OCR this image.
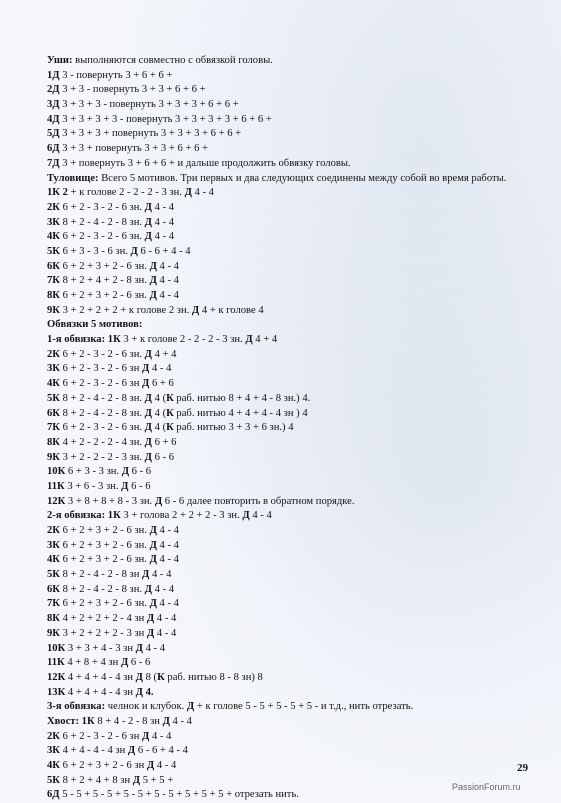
Уши: выполняются совместно с обвязкой головы.
1Д 3 - повернуть 3 + 6 + 6 +
2Д 3 + 3 - повернуть 3 + 3 + 6 + 6 +
3Д 3 + 3 + 3 - повернуть 3 + 3 + 3 + 6 + 6 +
4Д 3 + 3 + 3 + 3 - повернуть 3 + 3 + 3 + 3 + 6 + 6 +
5Д 3 + 3 + 3 + повернуть 3 + 3 + 3 + 6 + 6 +
6Д 3 + 3 + повернуть 3 + 3 + 6 + 6 +
7Д 3 + повернуть 3 + 6 + 6 + и дальше продолжить обвязку головы.
Туловище: Всего 5 мотивов. Три первых и два следующих соединены между собой во время работы.
1К 2 + к голове 2 - 2 - 2 - 3 зн. Д 4 - 4
2К 6 + 2 - 3 - 2 - 6 зн. Д 4 - 4
3К 8 + 2 - 4 - 2 - 8 зн. Д 4 - 4
4К 6 + 2 - 3 - 2 - 6 зн. Д 4 - 4
5К 6 + 3 - 3 - 6 зн. Д 6 - 6 + 4 - 4
6К 6 + 2 + 3 + 2 - 6 зн. Д 4 - 4
7К 8 + 2 + 4 + 2 - 8 зн. Д 4 - 4
8К 6 + 2 + 3 + 2 - 6 зн. Д 4 - 4
9К 3 + 2 + 2 + 2 + к голове 2 зн. Д 4 + к голове 4
Обвязки 5 мотивов:
1-я обвязка: 1К 3 + к голове 2 - 2 - 2 - 3 зн. Д 4 + 4
2К 6 + 2 - 3 - 2 - 6 зн. Д 4 + 4
3К 6 + 2 - 3 - 2 - 6 зн Д 4 - 4
4К 6 + 2 - 3 - 2 - 6 зн Д 6 + 6
5К 8 + 2 - 4 - 2 - 8 зн. Д 4 (К раб. нитью 8 + 4 + 4 - 8 зн.) 4.
6К 8 + 2 - 4 - 2 - 8 зн. Д 4 (К раб. нитью 4 + 4 + 4 - 4 зн ) 4
7К 6 + 2 - 3 - 2 - 6 зн. Д 4 (К раб. нитью 3 + 3 + 6 зн.) 4
8К 4 + 2 - 2 - 2 - 4 зн. Д 6 + 6
9К 3 + 2 - 2 - 2 - 3 зн. Д 6 - 6
10К 6 + 3 - 3 зн. Д 6 - 6
11К 3 + 6 - 3 зн. Д 6 - 6
12К 3 + 8 + 8 + 8 - 3 зн. Д 6 - 6 далее повторить в обратном порядке.
2-я обвязка: 1К 3 + голова 2 + 2 + 2 - 3 зн. Д 4 - 4
2К 6 + 2 + 3 + 2 - 6 зн. Д 4 - 4
3К 6 + 2 + 3 + 2 - 6 зн. Д 4 - 4
4К 6 + 2 + 3 + 2 - 6 зн. Д 4 - 4
5К 8 + 2 - 4 - 2 - 8 зн Д 4 - 4
6К 8 + 2 - 4 - 2 - 8 зн. Д 4 - 4
7К 6 + 2 + 3 + 2 - 6 зн. Д 4 - 4
8К 4 + 2 + 2 + 2 - 4 зн Д 4 - 4
9К 3 + 2 + 2 + 2 - 3 зн Д 4 - 4
10К 3 + 3 + 4 - 3 зн Д 4 - 4
11К 4 + 8 + 4 зн Д 6 - 6
12К 4 + 4 + 4 - 4 зн Д 8 (К раб. нитью 8 - 8 зн) 8
13К 4 + 4 + 4 - 4 зн Д 4.
3-я обвязка: челнок и клубок. Д + к голове 5 - 5 + 5 - 5 + 5 - и т.д., нить отрезать.
Хвост: 1К 8 + 4 - 2 - 8 зн Д 4 - 4
2К 6 + 2 - 3 - 2 - 6 зн Д 4 - 4
3К 4 + 4 - 4 - 4 зн Д 6 - 6 + 4 - 4
4К 6 + 2 + 3 + 2 - 6 зн Д 4 - 4
5К 8 + 2 + 4 + 8 зн Д 5 + 5 +
6Д 5 - 5 + 5 - 5 + 5 - 5 + 5 - 5 + 5 + 5 + 5 + отрезать нить.
29
PassionForum.ru
